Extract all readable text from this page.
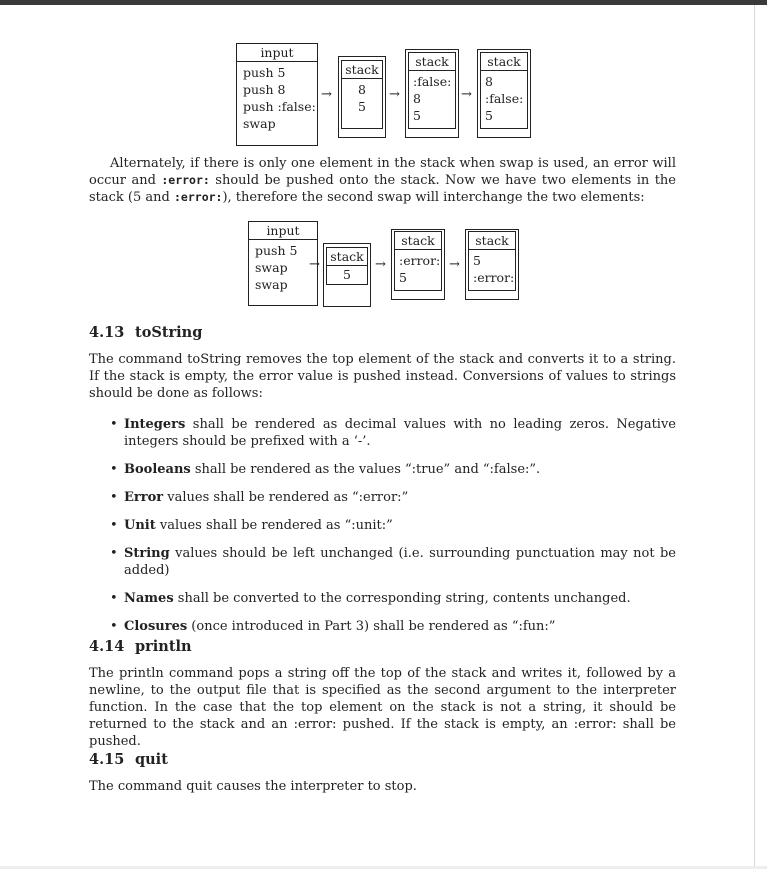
input
push 5
push 8
push :false:
swap
→
stack
8
5
→
stack
:false:
8
5
→
stack
8
:false:
5

Alternately, if there is only one element in the stack when swap is used, an error will occur and :error: should be pushed onto the stack. Now we have two elements in the stack (5 and :error:), therefore the second swap will interchange the two elements:

input
push 5
swap
swap
→
stack
5
→
stack
:error:
5
→
stack
5
:error:
4.13 toString

The command toString removes the top element of the stack and converts it to a string. If the stack is empty, the error value is pushed instead. Conversions of values to strings should be done as follows:

• Integers shall be rendered as decimal values with no leading zeros. Negative integers should be prefixed with a ‘-’.
• Booleans shall be rendered as the values “:true” and “:false:”.
• Error values shall be rendered as “:error:”
• Unit values shall be rendered as “:unit:”
• String values should be left unchanged (i.e. surrounding punctuation may not be added)
• Names shall be converted to the corresponding string, contents unchanged.
• Closures (once introduced in Part 3) shall be rendered as “:fun:”
4.14 println

The println command pops a string off the top of the stack and writes it, followed by a newline, to the output file that is specified as the second argument to the interpreter function. In the case that the top element on the stack is not a string, it should be returned to the stack and an :error: pushed. If the stack is empty, an :error: shall be pushed.

4.15 quit

The command quit causes the interpreter to stop.
